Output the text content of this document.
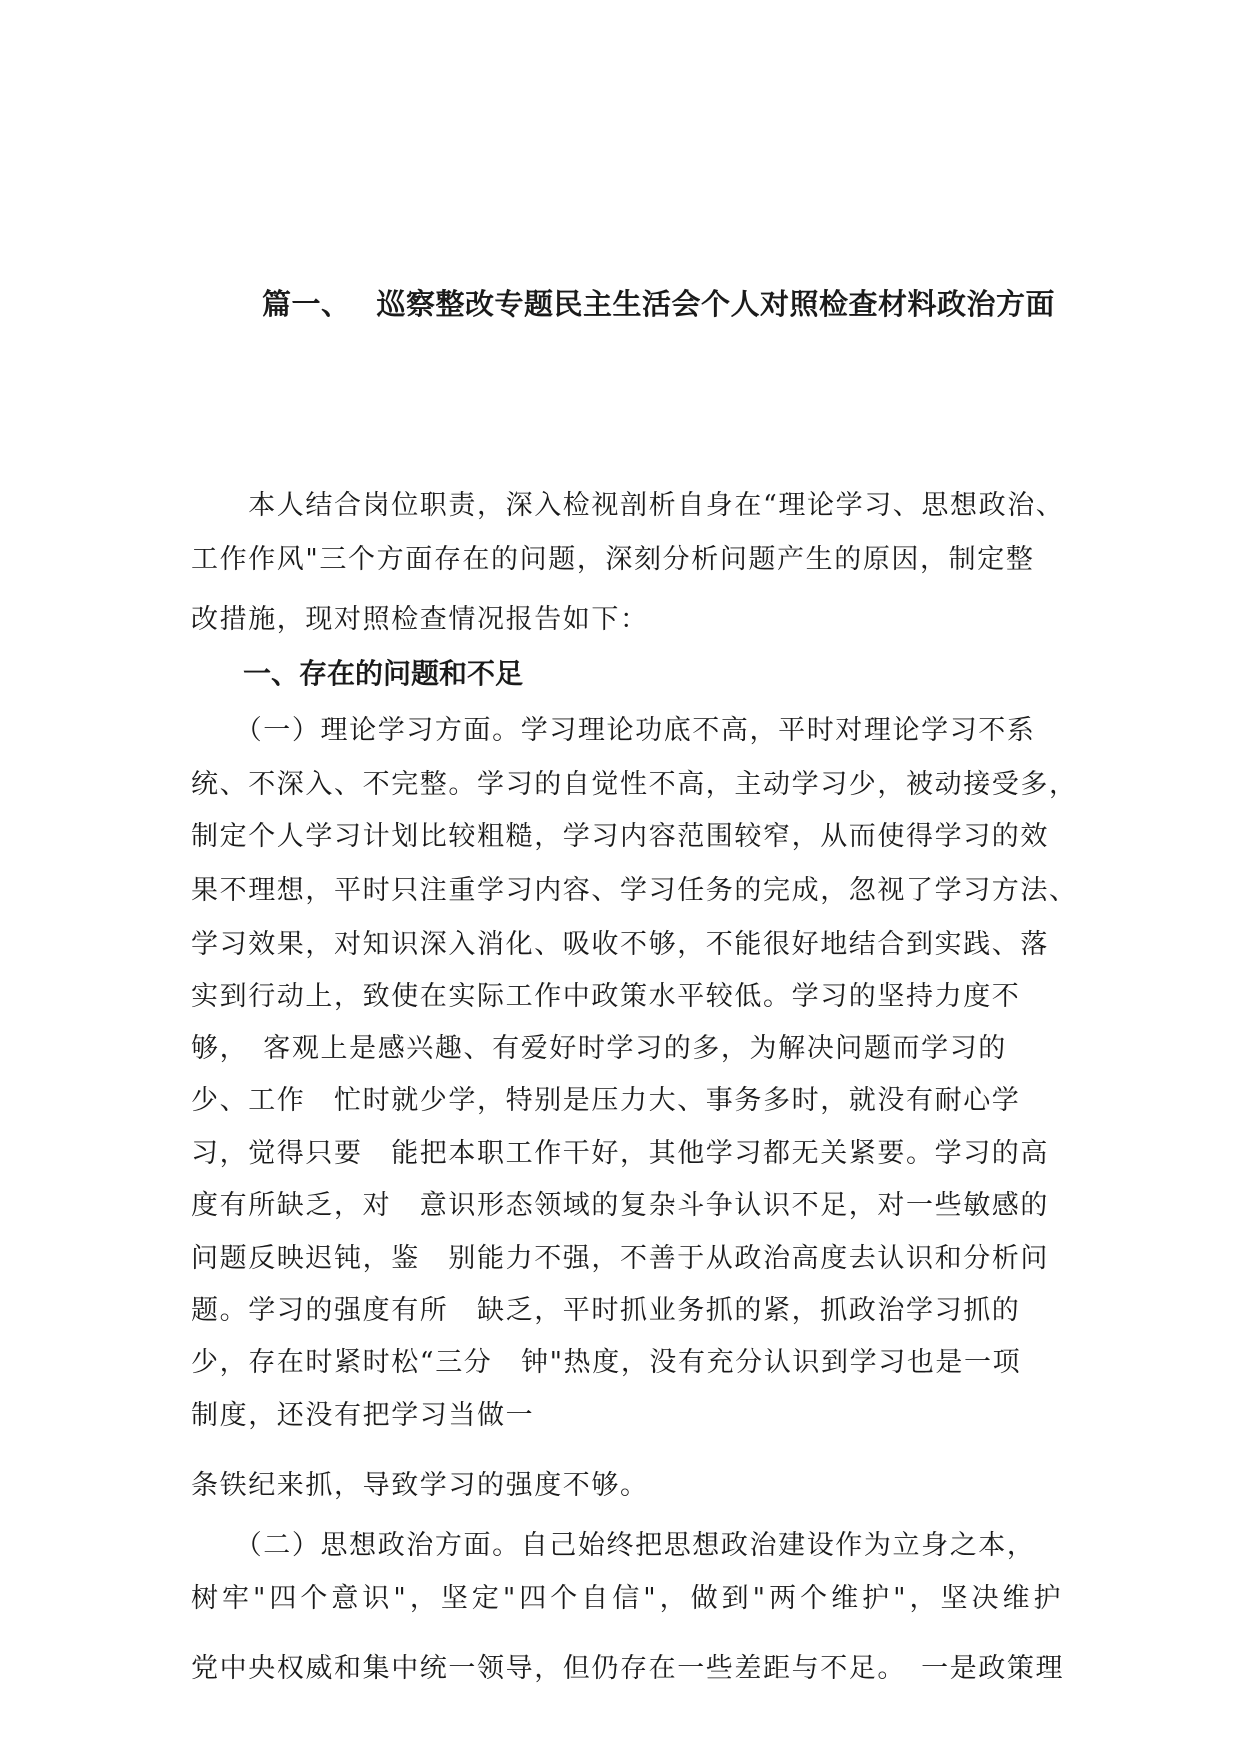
篇一、 巡察整改专题民主生活会个人对照检查材料政治方面
　　本人结合岗位职责，深入检视剖析自身在“理论学习、思想政治、
工作作风"三个方面存在的问题，深刻分析问题产生的原因，制定整
改措施，现对照检查情况报告如下：
一、存在的问题和不足
　　（一）理论学习方面。学习理论功底不高，平时对理论学习不系
统、不深入、不完整。学习的自觉性不高，主动学习少，被动接受多，
制定个人学习计划比较粗糙，学习内容范围较窄，从而使得学习的效
果不理想，平时只注重学习内容、学习任务的完成，忽视了学习方法、
学习效果，对知识深入消化、吸收不够，不能很好地结合到实践、落
实到行动上，致使在实际工作中政策水平较低。学习的坚持力度不
够，　客观上是感兴趣、有爱好时学习的多，为解决问题而学习的
少、工作　忙时就少学，特别是压力大、事务多时，就没有耐心学
习，觉得只要　能把本职工作干好，其他学习都无关紧要。学习的高
度有所缺乏，对　意识形态领域的复杂斗争认识不足，对一些敏感的
问题反映迟钝，鉴　别能力不强，不善于从政治高度去认识和分析问
题。学习的强度有所　缺乏，平时抓业务抓的紧，抓政治学习抓的
少，存在时紧时松“三分　钟"热度，没有充分认识到学习也是一项
制度，还没有把学习当做一
条铁纪来抓，导致学习的强度不够。
　　（二）思想政治方面。自己始终把思想政治建设作为立身之本，
树牢"四个意识"，坚定"四个自信"，做到"两个维护"，坚决维护
党中央权威和集中统一领导，但仍存在一些差距与不足。　一是政策理
